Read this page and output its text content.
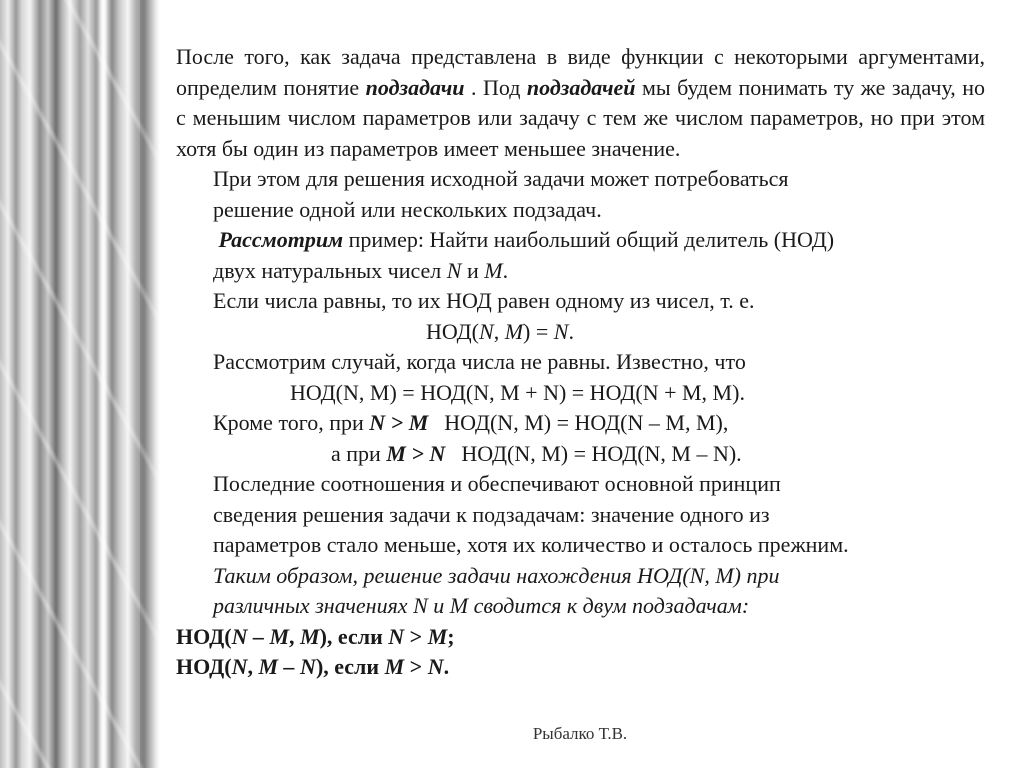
После того, как задача представлена в виде функции с некоторыми аргументами, определим понятие подзадачи . Под подзадачей мы будем понимать ту же задачу, но с меньшим числом параметров или задачу с тем же числом параметров, но при этом хотя бы один из параметров имеет меньшее значение.
При этом для решения исходной задачи может потребоваться
решение одной или нескольких подзадач.
Рассмотрим пример: Найти наибольший общий делитель (НОД)
двух натуральных чисел N и M.
Если числа равны, то их НОД равен одному из чисел, т. е.
НОД(N, M) = N.
Рассмотрим случай, когда числа не равны. Известно, что
НОД(N, M) = НОД(N, M + N) = НОД(N + M, M).
Кроме того, при N > M НОД(N, M) = НОД(N – M, M),
а при M > N НОД(N, M) = НОД(N, M – N).
Последние соотношения и обеспечивают основной принцип
сведения решения задачи к подзадачам: значение одного из
параметров стало меньше, хотя их количество и осталось прежним.
Таким образом, решение задачи нахождения НОД(N, M) при
различных значениях N и M сводится к двум подзадачам:
НОД(N – M, M), если N > M;
НОД(N, M – N), если M > N.
Рыбалко Т.В.
